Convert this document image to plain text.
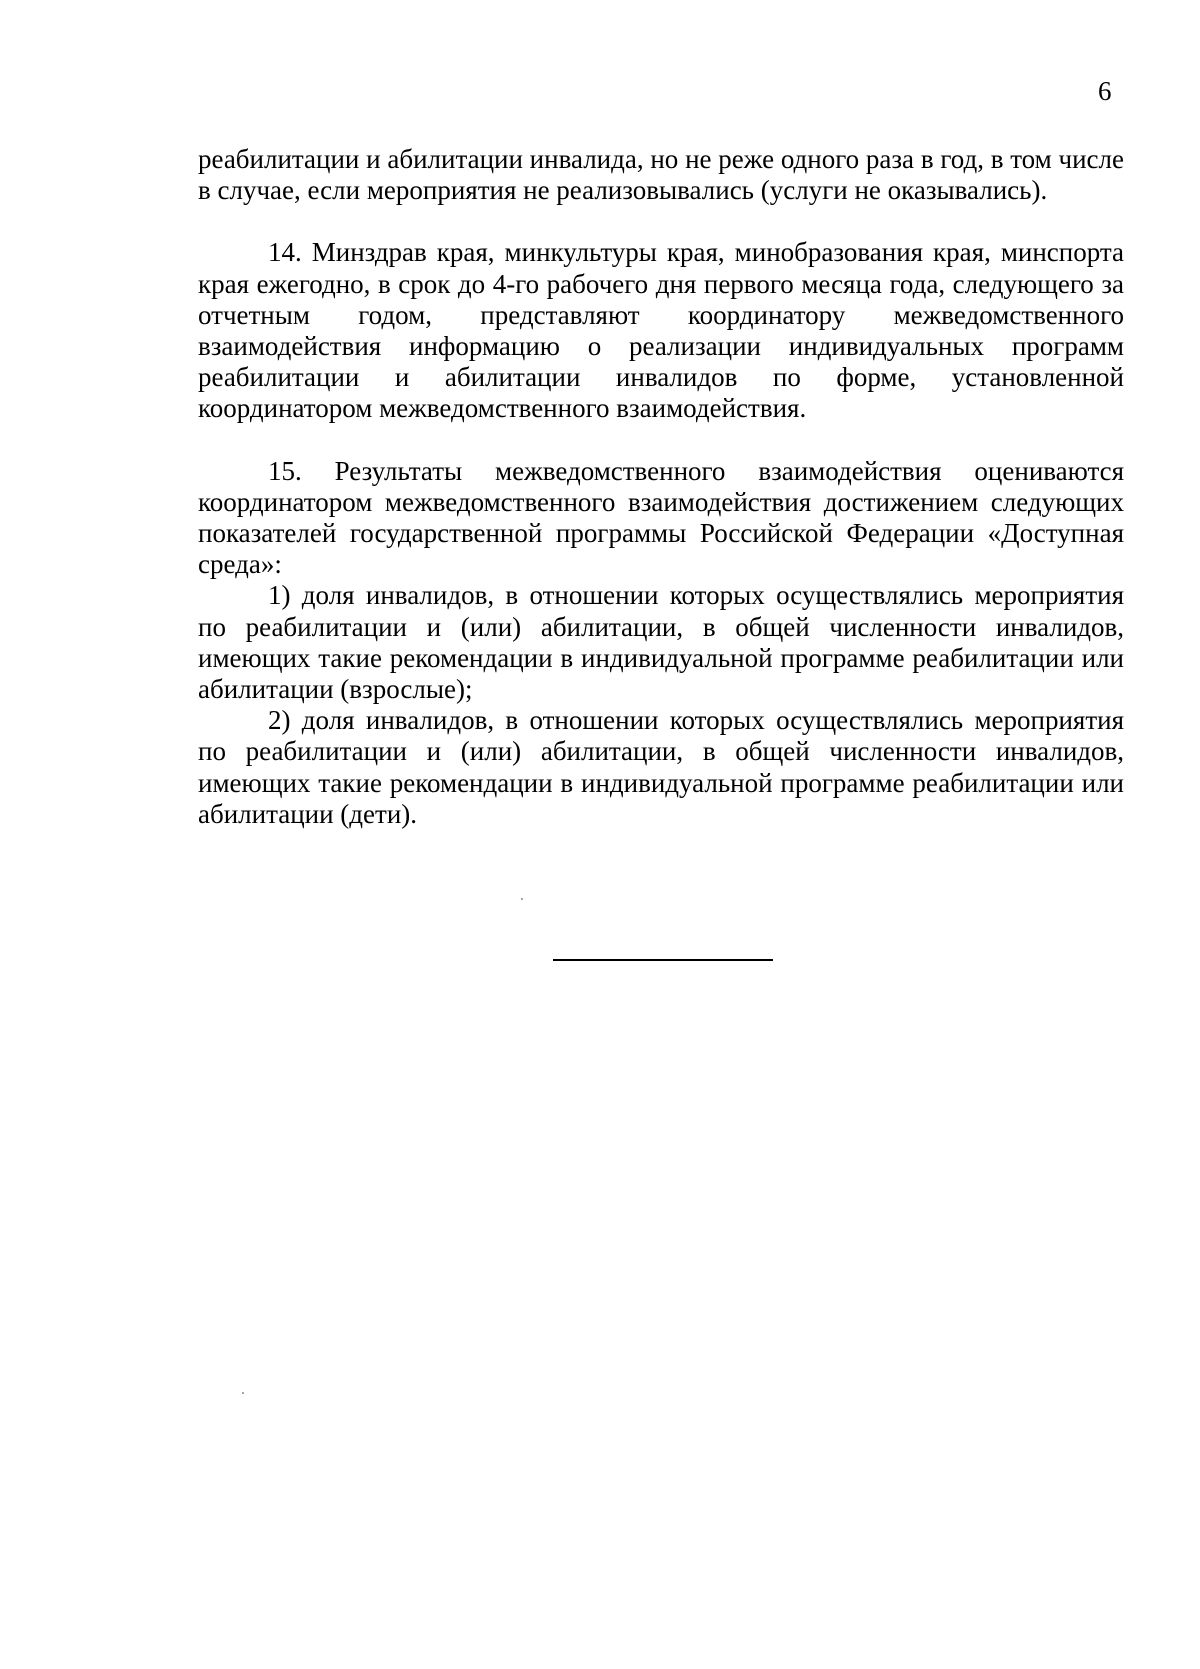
6

реабилитации и абилитации инвалида, но не реже одного раза в год, в том числе в случае, если мероприятия не реализовывались (услуги не оказывались).

14. Минздрав края, минкультуры края, минобразования края, минспорта края ежегодно, в срок до 4-го рабочего дня первого месяца года, следующего за отчетным годом, представляют координатору межведомственного взаимодействия информацию о реализации индивидуальных программ реабилитации и абилитации инвалидов по форме, установленной координатором межведомственного взаимодействия.

15. Результаты межведомственного взаимодействия оцениваются координатором межведомственного взаимодействия достижением следующих показателей государственной программы Российской Федерации «Доступная среда»:

1) доля инвалидов, в отношении которых осуществлялись мероприятия по реабилитации и (или) абилитации, в общей численности инвалидов, имеющих такие рекомендации в индивидуальной программе реабилитации или абилитации (взрослые);

2) доля инвалидов, в отношении которых осуществлялись мероприятия по реабилитации и (или) абилитации, в общей численности инвалидов, имеющих такие рекомендации в индивидуальной программе реабилитации или абилитации (дети).
